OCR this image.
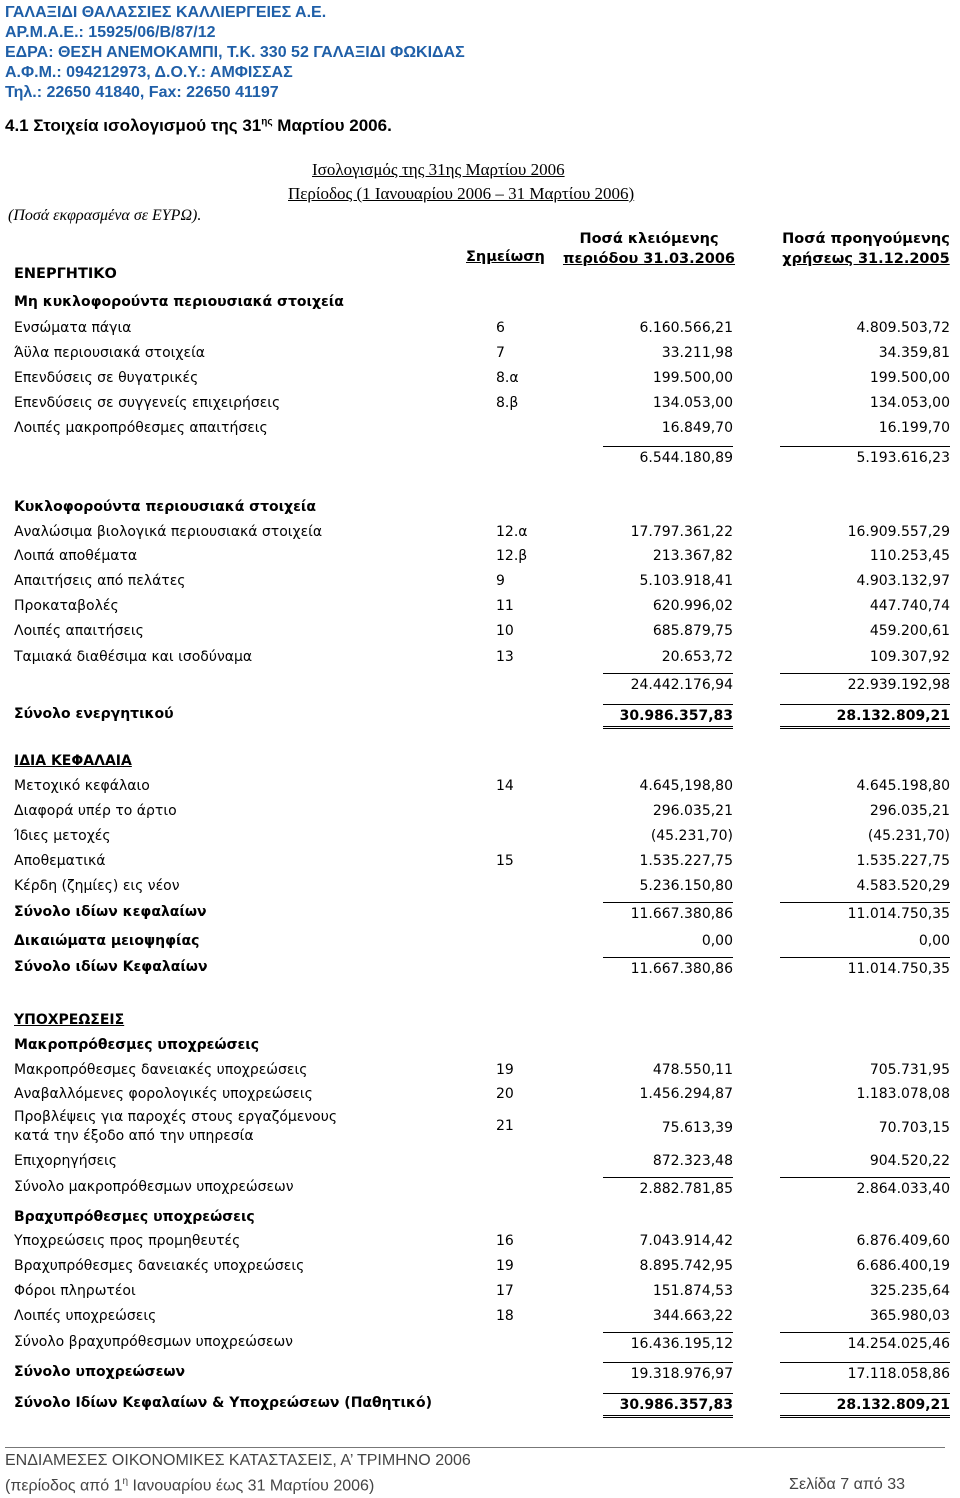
ΓΑΛΑΞΙΔΙ ΘΑΛΑΣΣΙΕΣ ΚΑΛΛΙΕΡΓΕΙΕΣ Α.Ε.
ΑΡ.Μ.Α.Ε.: 15925/06/Β/87/12
ΕΔΡΑ: ΘΕΣΗ ΑΝΕΜΟΚΑΜΠΙ, Τ.Κ. 330 52 ΓΑΛΑΞΙΔΙ ΦΩΚΙΔΑΣ
Α.Φ.Μ.: 094212973, Δ.Ο.Υ.: ΑΜΦΙΣΣΑΣ
Τηλ.: 22650 41840, Fax: 22650 41197
4.1 Στοιχεία ισολογισμού της $31^{\eta\varsigma}$ Μαρτίου 2006.
Ισολογισμός της 31ης Μαρτίου 2006
Περίοδος (1 Ιανουαρίου 2006 – 31 Μαρτίου 2006)
(Ποσά εκφρασμένα σε ΕΥΡΩ).
Σημείωση
Ποσά κλειόμενης
περιόδου 31.03.2006
Ποσά προηγούμενης
χρήσεως 31.12.2005
ΕΝΕΡΓΗΤΙΚΟ
Μη κυκλοφορούντα περιουσιακά στοιχεία
Ενσώματα πάγια	6	6.160.566,21	4.809.503,72
Άϋλα περιουσιακά στοιχεία	7	33.211,98	34.359,81
Επενδύσεις σε θυγατρικές	8.α	199.500,00	199.500,00
Επενδύσεις σε συγγενείς επιχειρήσεις	8.β	134.053,00	134.053,00
Λοιπές μακροπρόθεσμες απαιτήσεις	16.849,70	16.199,70
6.544.180,89	5.193.616,23
Κυκλοφορούντα περιουσιακά στοιχεία
Αναλώσιμα βιολογικά περιουσιακά στοιχεία	12.α	17.797.361,22	16.909.557,29
Λοιπά αποθέματα	12.β	213.367,82	110.253,45
Απαιτήσεις από πελάτες	9	5.103.918,41	4.903.132,97
Προκαταβολές	11	620.996,02	447.740,74
Λοιπές απαιτήσεις	10	685.879,75	459.200,61
Ταμιακά διαθέσιμα και ισοδύναμα	13	20.653,72	109.307,92
24.442.176,94	22.939.192,98
Σύνολο ενεργητικού	30.986.357,83	28.132.809,21
ΙΔΙΑ ΚΕΦΑΛΑΙΑ
Μετοχικό κεφάλαιο	14	4.645,198,80	4.645.198,80
Διαφορά υπέρ το άρτιο	296.035,21	296.035,21
Ίδιες μετοχές	(45.231,70)	(45.231,70)
Αποθεματικά	15	1.535.227,75	1.535.227,75
Κέρδη (ζημίες) εις νέον	5.236.150,80	4.583.520,29
Σύνολο ιδίων κεφαλαίων	11.667.380,86	11.014.750,35
Δικαιώματα μειοψηφίας	0,00	0,00
Σύνολο ιδίων Κεφαλαίων	11.667.380,86	11.014.750,35
ΥΠΟΧΡΕΩΣΕΙΣ
Μακροπρόθεσμες υποχρεώσεις
Μακροπρόθεσμες δανειακές υποχρεώσεις	19	478.550,11	705.731,95
Αναβαλλόμενες φορολογικές υποχρεώσεις	20	1.456.294,87	1.183.078,08
Προβλέψεις για παροχές στους εργαζόμενους
κατά την έξοδο από την υπηρεσία
21	75.613,39	70.703,15
Επιχορηγήσεις	872.323,48	904.520,22
Σύνολο μακροπρόθεσμων υποχρεώσεων	2.882.781,85	2.864.033,40
Βραχυπρόθεσμες υποχρεώσεις
Υποχρεώσεις προς προμηθευτές	16	7.043.914,42	6.876.409,60
Βραχυπρόθεσμες δανειακές υποχρεώσεις	19	8.895.742,95	6.686.400,19
Φόροι πληρωτέοι	17	151.874,53	325.235,64
Λοιπές υποχρεώσεις	18	344.663,22	365.980,03
Σύνολο βραχυπρόθεσμων υποχρεώσεων	16.436.195,12	14.254.025,46
Σύνολο υποχρεώσεων	19.318.976,97	17.118.058,86
Σύνολο Ιδίων Κεφαλαίων & Υποχρεώσεων (Παθητικό)	30.986.357,83	28.132.809,21
ΕΝΔΙΑΜΕΣΕΣ ΟΙΚΟΝΟΜΙΚΕΣ ΚΑΤΑΣΤΑΣΕΙΣ, Α’ ΤΡΙΜΗΝΟ 2006
(περίοδος από $1^\eta$ Ιανουαρίου έως 31 Μαρτίου 2006)	Σελίδα 7 από 33
